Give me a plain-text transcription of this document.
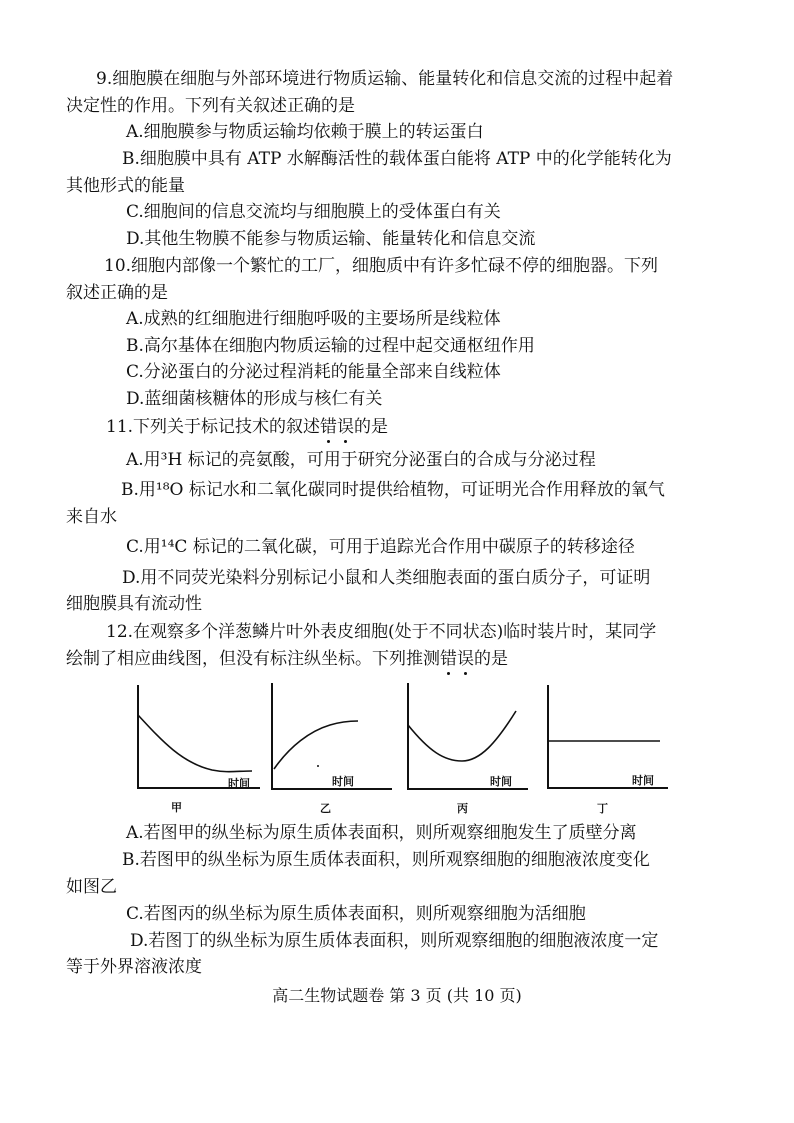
9.细胞膜在细胞与外部环境进行物质运输、能量转化和信息交流的过程中起着
决定性的作用。下列有关叙述正确的是
A.细胞膜参与物质运输均依赖于膜上的转运蛋白
B.细胞膜中具有 ATP 水解酶活性的载体蛋白能将 ATP 中的化学能转化为
其他形式的能量
C.细胞间的信息交流均与细胞膜上的受体蛋白有关
D.其他生物膜不能参与物质运输、能量转化和信息交流
10.细胞内部像一个繁忙的工厂，细胞质中有许多忙碌不停的细胞器。下列
叙述正确的是
A.成熟的红细胞进行细胞呼吸的主要场所是线粒体
B.高尔基体在细胞内物质运输的过程中起交通枢纽作用
C.分泌蛋白的分泌过程消耗的能量全部来自线粒体
D.蓝细菌核糖体的形成与核仁有关
11.下列关于标记技术的叙述错误的是
A.用³H 标记的亮氨酸，可用于研究分泌蛋白的合成与分泌过程
B.用¹⁸O 标记水和二氧化碳同时提供给植物，可证明光合作用释放的氧气
来自水
C.用¹⁴C 标记的二氧化碳，可用于追踪光合作用中碳原子的转移途径
D.用不同荧光染料分别标记小鼠和人类细胞表面的蛋白质分子，可证明
细胞膜具有流动性
12.在观察多个洋葱鳞片叶外表皮细胞(处于不同状态)临时装片时，某同学
绘制了相应曲线图，但没有标注纵坐标。下列推测错误的是
时间
甲
时间
乙
时间
丙
时间
丁
A.若图甲的纵坐标为原生质体表面积，则所观察细胞发生了质壁分离
B.若图甲的纵坐标为原生质体表面积，则所观察细胞的细胞液浓度变化
如图乙
C.若图丙的纵坐标为原生质体表面积，则所观察细胞为活细胞
D.若图丁的纵坐标为原生质体表面积，则所观察细胞的细胞液浓度一定
等于外界溶液浓度
高二生物试题卷 第 3 页 (共 10 页)
